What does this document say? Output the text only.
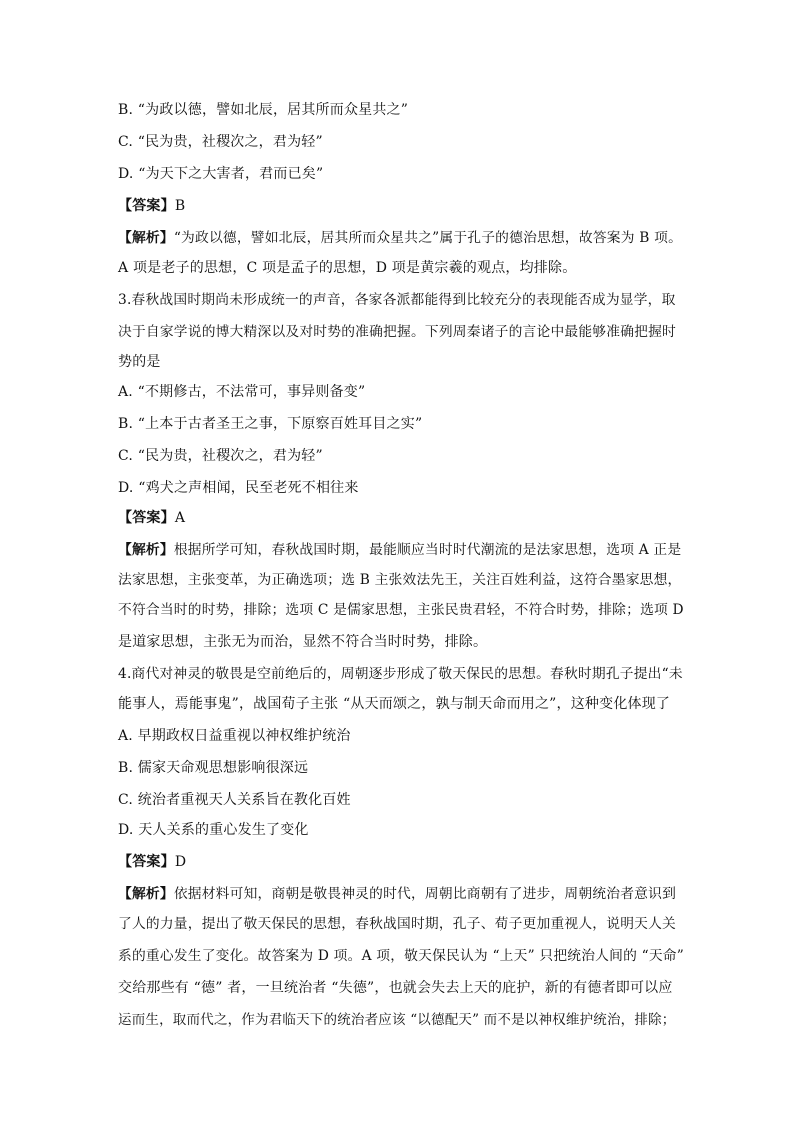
B. “为政以德，譬如北辰，居其所而众星共之”
C. “民为贵，社稷次之，君为轻”
D. “为天下之大害者，君而已矣”
【答案】B
【解析】“为政以德，譬如北辰，居其所而众星共之”属于孔子的德治思想，故答案为 B 项。
A 项是老子的思想，C 项是孟子的思想，D 项是黄宗羲的观点，均排除。
3.春秋战国时期尚未形成统一的声音，各家各派都能得到比较充分的表现能否成为显学，取
决于自家学说的博大精深以及对时势的准确把握。下列周秦诸子的言论中最能够准确把握时
势的是
A. “不期修古，不法常可，事异则备变”
B. “上本于古者圣王之事，下原察百姓耳目之实”
C. “民为贵，社稷次之，君为轻”
D. “鸡犬之声相闻，民至老死不相往来
【答案】A
【解析】根据所学可知，春秋战国时期，最能顺应当时时代潮流的是法家思想，选项 A 正是
法家思想，主张变革，为正确选项；选 B 主张效法先王，关注百姓利益，这符合墨家思想，
不符合当时的时势，排除；选项 C 是儒家思想，主张民贵君轻，不符合时势，排除；选项 D
是道家思想，主张无为而治，显然不符合当时时势，排除。
4.商代对神灵的敬畏是空前绝后的，周朝逐步形成了敬天保民的思想。春秋时期孔子提出“未
能事人，焉能事鬼”，战国荀子主张 “从天而颂之，孰与制天命而用之”，这种变化体现了
A. 早期政权日益重视以神权维护统治
B. 儒家天命观思想影响很深远
C. 统治者重视天人关系旨在教化百姓
D. 天人关系的重心发生了变化
【答案】D
【解析】依据材料可知，商朝是敬畏神灵的时代，周朝比商朝有了进步，周朝统治者意识到
了人的力量，提出了敬天保民的思想，春秋战国时期，孔子、荀子更加重视人，说明天人关
系的重心发生了变化。故答案为 D 项。A 项，敬天保民认为 “上天” 只把统治人间的 “天命”
交给那些有 “德” 者，一旦统治者 “失德”，也就会失去上天的庇护，新的有德者即可以应
运而生，取而代之，作为君临天下的统治者应该 “以德配天” 而不是以神权维护统治，排除；
